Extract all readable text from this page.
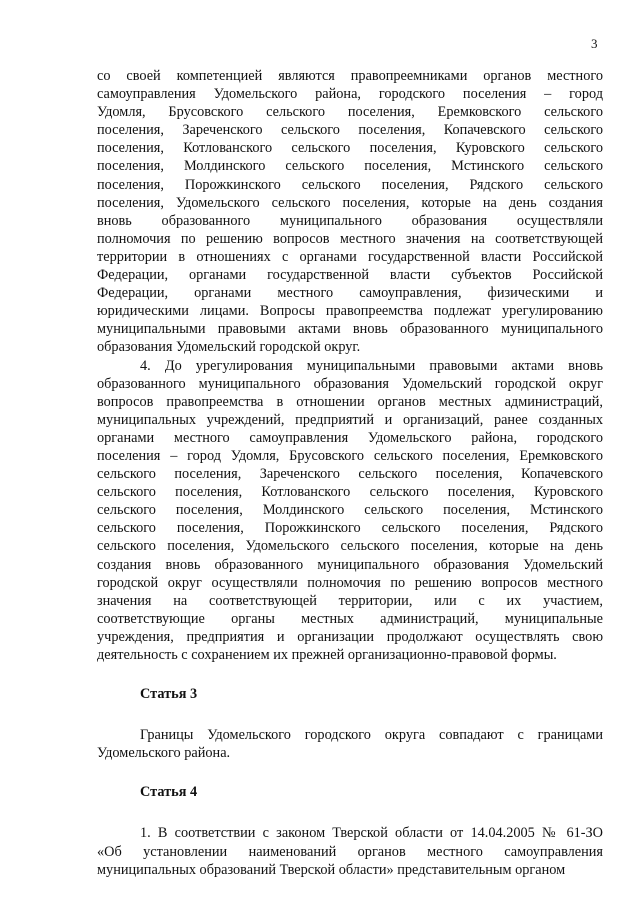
3
со своей компетенцией являются правопреемниками органов местного
самоуправления Удомельского района, городского поселения – город
Удомля, Брусовского сельского поселения, Еремковского сельского
поселения, Зареченского сельского поселения, Копачевского сельского
поселения, Котлованского сельского поселения, Куровского сельского
поселения, Молдинского сельского поселения, Мстинского сельского
поселения, Порожкинского сельского поселения, Рядского сельского
поселения, Удомельского сельского поселения, которые на день создания
вновь образованного муниципального образования осуществляли
полномочия по решению вопросов местного значения на соответствующей
территории в отношениях с органами государственной власти Российской
Федерации, органами государственной власти субъектов Российской
Федерации, органами местного самоуправления, физическими и
юридическими лицами. Вопросы правопреемства подлежат урегулированию
муниципальными правовыми актами вновь образованного муниципального
образования Удомельский городской округ.
4. До урегулирования муниципальными правовыми актами вновь
образованного муниципального образования Удомельский городской округ
вопросов правопреемства в отношении органов местных администраций,
муниципальных учреждений, предприятий и организаций, ранее созданных
органами местного самоуправления Удомельского района, городского
поселения – город Удомля, Брусовского сельского поселения, Еремковского
сельского поселения, Зареченского сельского поселения, Копачевского
сельского поселения, Котлованского сельского поселения, Куровского
сельского поселения, Молдинского сельского поселения, Мстинского
сельского поселения, Порожкинского сельского поселения, Рядского
сельского поселения, Удомельского сельского поселения, которые на день
создания вновь образованного муниципального образования Удомельский
городской округ осуществляли полномочия по решению вопросов местного
значения на соответствующей территории, или с их участием,
соответствующие органы местных администраций, муниципальные
учреждения, предприятия и организации продолжают осуществлять свою
деятельность с сохранением их прежней организационно-правовой формы.
Статья 3
Границы Удомельского городского округа совпадают с границами
Удомельского района.
Статья 4
1. В соответствии с законом Тверской области от 14.04.2005 № 61-ЗО
«Об установлении наименований органов местного самоуправления
муниципальных образований Тверской области» представительным органом
